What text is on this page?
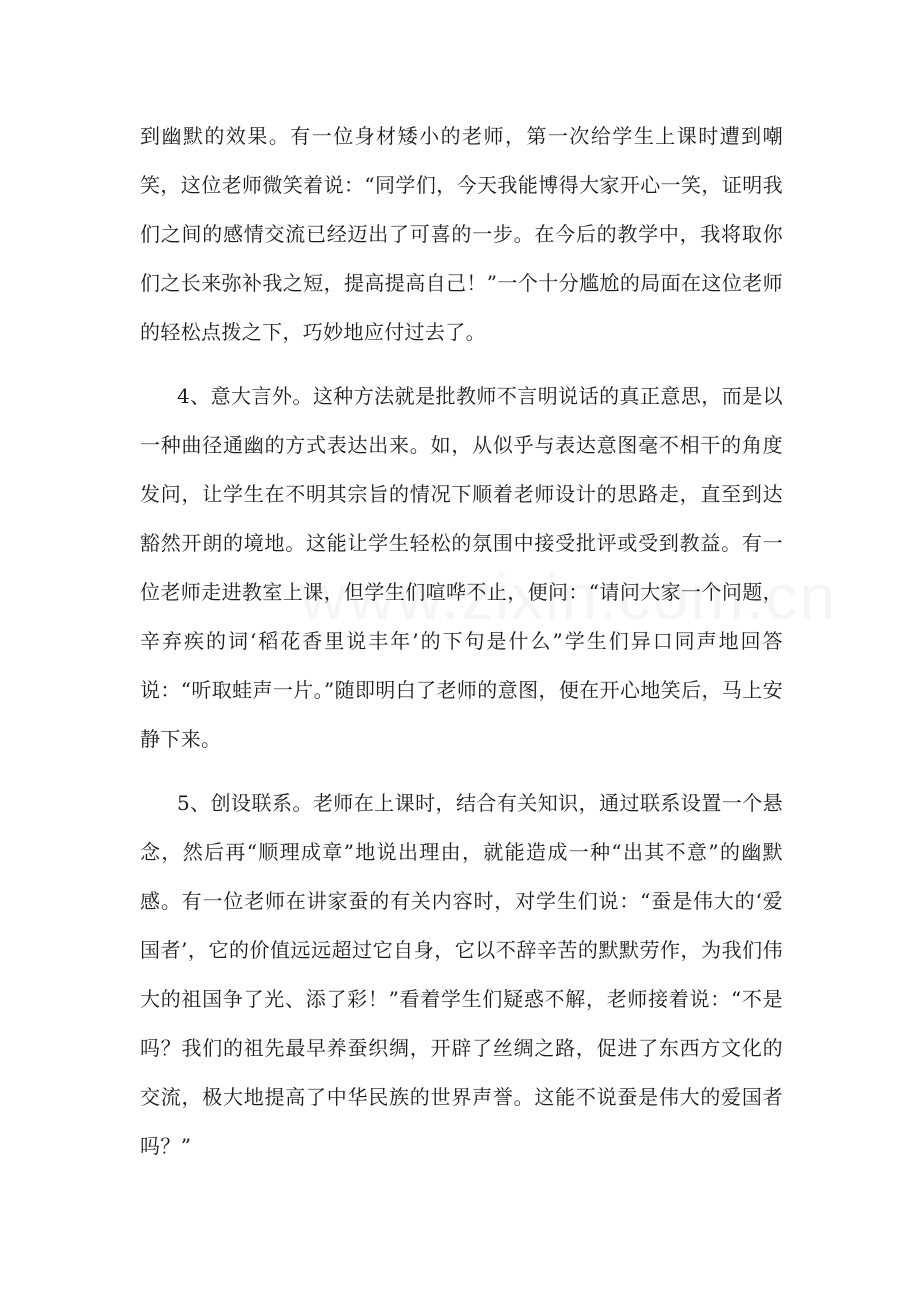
到幽默的效果。有一位身材矮小的老师，第一次给学生上课时遭到嘲笑，这位老师微笑着说：“同学们，今天我能博得大家开心一笑，证明我们之间的感情交流已经迈出了可喜的一步。在今后的教学中，我将取你们之长来弥补我之短，提高提高自己！”一个十分尴尬的局面在这位老师的轻松点拨之下，巧妙地应付过去了。

4、意大言外。这种方法就是批教师不言明说话的真正意思，而是以一种曲径通幽的方式表达出来。如，从似乎与表达意图毫不相干的角度发问，让学生在不明其宗旨的情况下顺着老师设计的思路走，直至到达豁然开朗的境地。这能让学生轻松的氛围中接受批评或受到教益。有一位老师走进教室上课，但学生们喧哗不止，便问：“请问大家一个问题，辛弃疾的词‘稻花香里说丰年’的下句是什么”学生们异口同声地回答说：“听取蛙声一片。”随即明白了老师的意图，便在开心地笑后，马上安静下来。

5、创设联系。老师在上课时，结合有关知识，通过联系设置一个悬念，然后再“顺理成章”地说出理由，就能造成一种“出其不意”的幽默感。有一位老师在讲家蚕的有关内容时，对学生们说：“蚕是伟大的‘爱国者’，它的价值远远超过它自身，它以不辞辛苦的默默劳作，为我们伟大的祖国争了光、添了彩！”看着学生们疑惑不解，老师接着说：“不是吗？我们的祖先最早养蚕织绸，开辟了丝绸之路，促进了东西方文化的交流，极大地提高了中华民族的世界声誉。这能不说蚕是伟大的爱国者吗？”
